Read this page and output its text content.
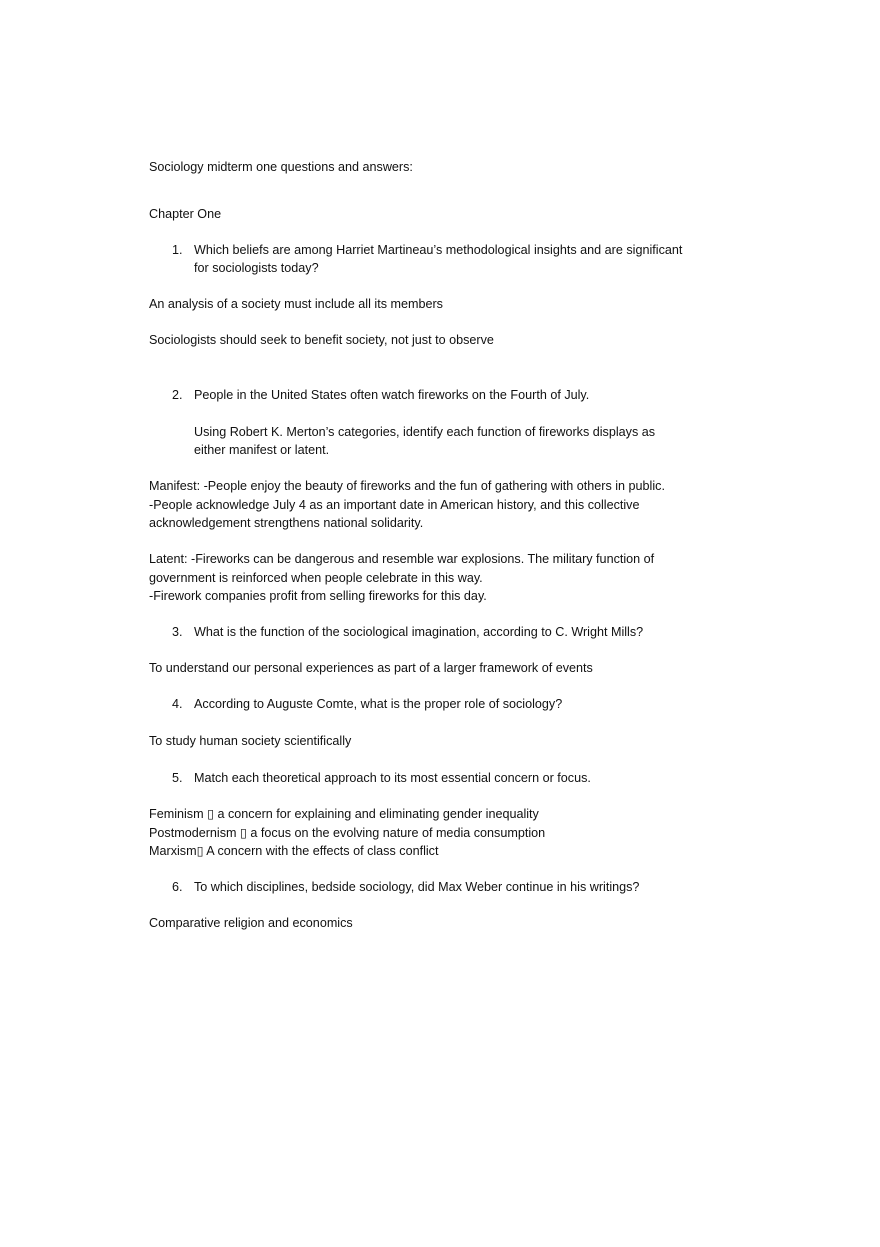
Sociology midterm one questions and answers:
Chapter One
1. Which beliefs are among Harriet Martineau’s methodological insights and are significant
for sociologists today?
An analysis of a society must include all its members
Sociologists should seek to benefit society, not just to observe
2. People in the United States often watch fireworks on the Fourth of July.
Using Robert K. Merton’s categories, identify each function of fireworks displays as
either manifest or latent.
Manifest: -People enjoy the beauty of fireworks and the fun of gathering with others in public.
-People acknowledge July 4 as an important date in American history, and this collective
acknowledgement strengthens national solidarity.
Latent: -Fireworks can be dangerous and resemble war explosions. The military function of
government is reinforced when people celebrate in this way.
-Firework companies profit from selling fireworks for this day.
3. What is the function of the sociological imagination, according to C. Wright Mills?
To understand our personal experiences as part of a larger framework of events
4. According to Auguste Comte, what is the proper role of sociology?
To study human society scientifically
5. Match each theoretical approach to its most essential concern or focus.
Feminism ▯ a concern for explaining and eliminating gender inequality
Postmodernism ▯ a focus on the evolving nature of media consumption
Marxism▯ A concern with the effects of class conflict
6. To which disciplines, bedside sociology, did Max Weber continue in his writings?
Comparative religion and economics
